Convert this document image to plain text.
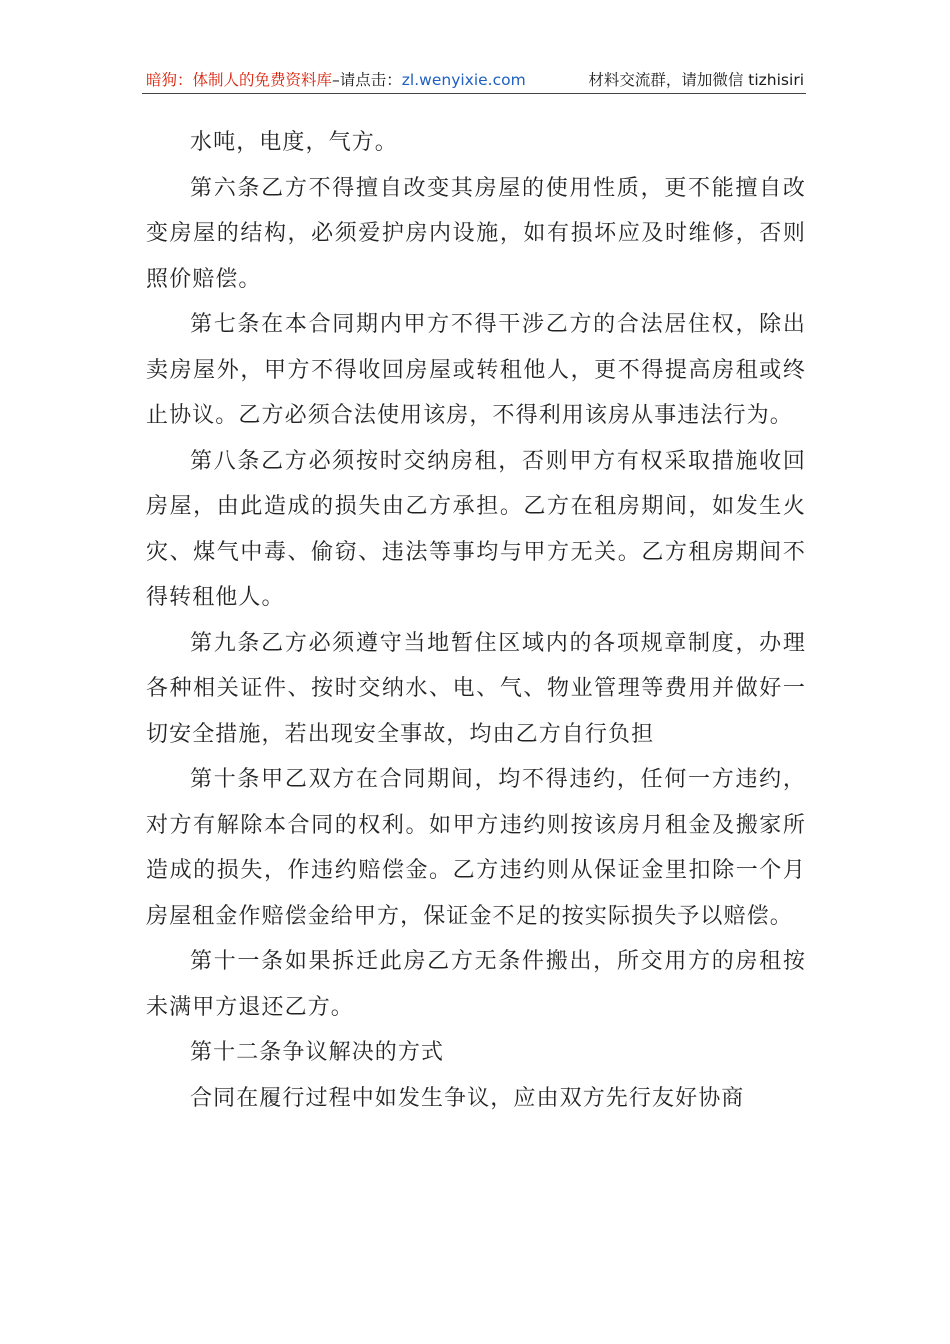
暗狗：体制人的免费资料库–请点击：zl.wenyixie.com	材料交流群，请加微信 tizhisiri

水吨，电度，气方。

第六条乙方不得擅自改变其房屋的使用性质，更不能擅自改变房屋的结构，必须爱护房内设施，如有损坏应及时维修，否则照价赔偿。

第七条在本合同期内甲方不得干涉乙方的合法居住权，除出卖房屋外，甲方不得收回房屋或转租他人，更不得提高房租或终止协议。乙方必须合法使用该房，不得利用该房从事违法行为。

第八条乙方必须按时交纳房租，否则甲方有权采取措施收回房屋，由此造成的损失由乙方承担。乙方在租房期间，如发生火灾、煤气中毒、偷窃、违法等事均与甲方无关。乙方租房期间不得转租他人。

第九条乙方必须遵守当地暂住区域内的各项规章制度，办理各种相关证件、按时交纳水、电、气、物业管理等费用并做好一切安全措施，若出现安全事故，均由乙方自行负担

第十条甲乙双方在合同期间，均不得违约，任何一方违约，对方有解除本合同的权利。如甲方违约则按该房月租金及搬家所造成的损失，作违约赔偿金。乙方违约则从保证金里扣除一个月房屋租金作赔偿金给甲方，保证金不足的按实际损失予以赔偿。

第十一条如果拆迁此房乙方无条件搬出，所交用方的房租按未满甲方退还乙方。

第十二条争议解决的方式

合同在履行过程中如发生争议，应由双方先行友好协商
